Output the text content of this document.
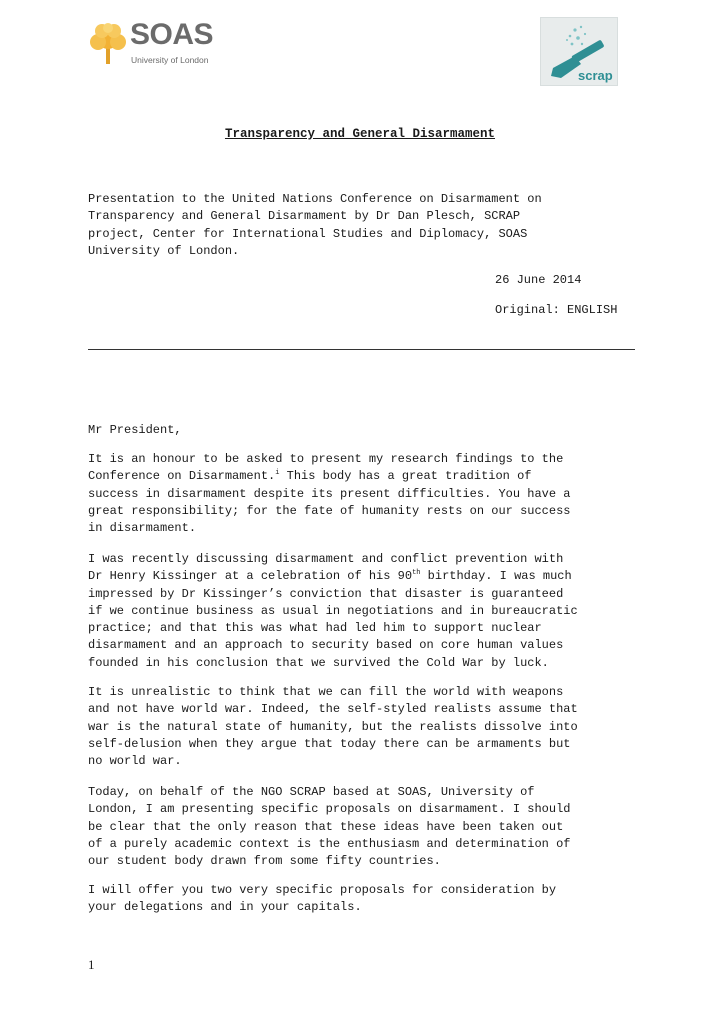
SOAS
University of London
scrap
Transparency and General Disarmament
Presentation to the United Nations Conference on Disarmament on
Transparency and General Disarmament by Dr Dan Plesch, SCRAP
project, Center for International Studies and Diplomacy, SOAS
University of London.
26 June 2014
Original: ENGLISH
Mr President,
It is an honour to be asked to present my research findings to the
Conference on Disarmament.$^i$ This body has a great tradition of
success in disarmament despite its present difficulties. You have a
great responsibility; for the fate of humanity rests on our success
in disarmament.
I was recently discussing disarmament and conflict prevention with
Dr Henry Kissinger at a celebration of his 90th birthday. I was much
impressed by Dr Kissinger’s conviction that disaster is guaranteed
if we continue business as usual in negotiations and in bureaucratic
practice; and that this was what had led him to support nuclear
disarmament and an approach to security based on core human values
founded in his conclusion that we survived the Cold War by luck.
It is unrealistic to think that we can fill the world with weapons
and not have world war. Indeed, the self-styled realists assume that
war is the natural state of humanity, but the realists dissolve into
self-delusion when they argue that today there can be armaments but
no world war.
Today, on behalf of the NGO SCRAP based at SOAS, University of
London, I am presenting specific proposals on disarmament. I should
be clear that the only reason that these ideas have been taken out
of a purely academic context is the enthusiasm and determination of
our student body drawn from some fifty countries.
I will offer you two very specific proposals for consideration by
your delegations and in your capitals.
1
